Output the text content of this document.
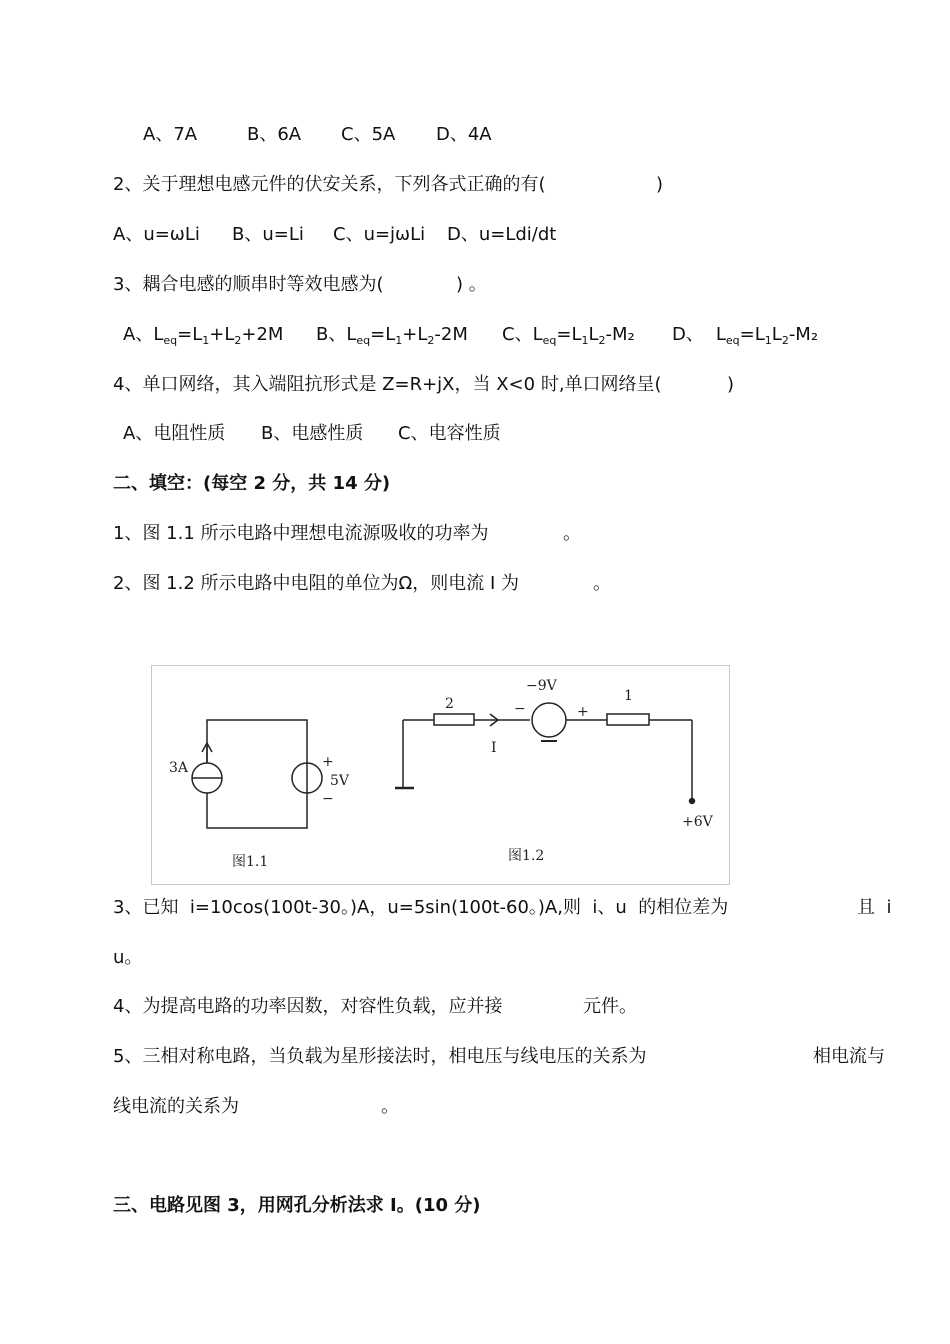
A、7A	B、6A C、5A D、4A
2、关于理想电感元件的伏安关系，下列各式正确的有(	)
A、u=ωLi B、u=Li C、u=jωLi D、u=Ldi/dt
3、耦合电感的顺串时等效电感为(	) 。
A、$L_{eq}=L_1+L_2+2M$ B、$L_{eq}=L_1+L_2-2M$ C、$L_{eq}=L_1L_2-M_2$ D、 $L_{eq}=L_1L_2-M_2$
4、单口网络，其入端阻抗形式是 Z=R+jX，当 X<0 时,单口网络呈(	)
A、电阻性质 B、电感性质 C、电容性质
二、填空：(每空 2 分，共 14 分)
1、图 1.1 所示电路中理想电流源吸收的功率为	。
2、图 1.2 所示电路中电阻的单位为Ω，则电流 I 为	。
3A	+
5V
−
图1.1
2
I
−9V
−	+
1
+6V
图1.2
3、已知  i=10cos(100t-30。)A，u=5sin(100t-60。)A,则  i、u  的相位差为	且  i
u。
4、为提高电路的功率因数，对容性负载，应并接	元件。
5、三相对称电路，当负载为星形接法时，相电压与线电压的关系为	相电流与
线电流的关系为	。
三、电路见图 3，用网孔分析法求 I。(10 分)
